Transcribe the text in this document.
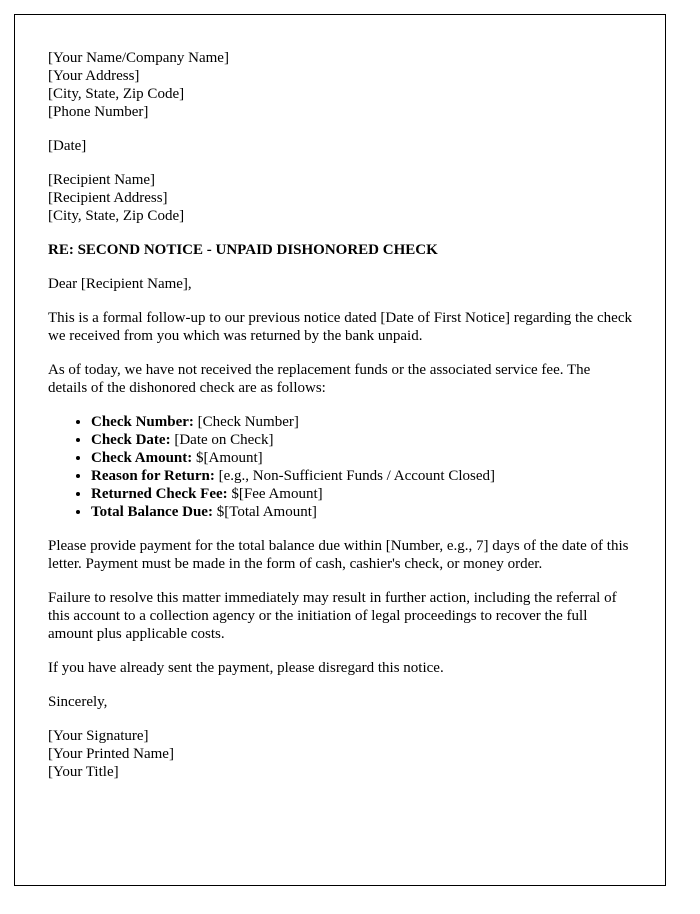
[Your Name/Company Name]
[Your Address]
[City, State, Zip Code]
[Phone Number]
[Date]
[Recipient Name]
[Recipient Address]
[City, State, Zip Code]

RE: SECOND NOTICE - UNPAID DISHONORED CHECK

Dear [Recipient Name],

This is a formal follow-up to our previous notice dated [Date of First Notice] regarding the check we received from you which was returned by the bank unpaid.

As of today, we have not received the replacement funds or the associated service fee. The details of the dishonored check are as follows:

• Check Number: [Check Number]
• Check Date: [Date on Check]
• Check Amount: $[Amount]
• Reason for Return: [e.g., Non-Sufficient Funds / Account Closed]
• Returned Check Fee: $[Fee Amount]
• Total Balance Due: $[Total Amount]

Please provide payment for the total balance due within [Number, e.g., 7] days of the date of this letter. Payment must be made in the form of cash, cashier's check, or money order.

Failure to resolve this matter immediately may result in further action, including the referral of this account to a collection agency or the initiation of legal proceedings to recover the full amount plus applicable costs.

If you have already sent the payment, please disregard this notice.

Sincerely,

[Your Signature]
[Your Printed Name]
[Your Title]
